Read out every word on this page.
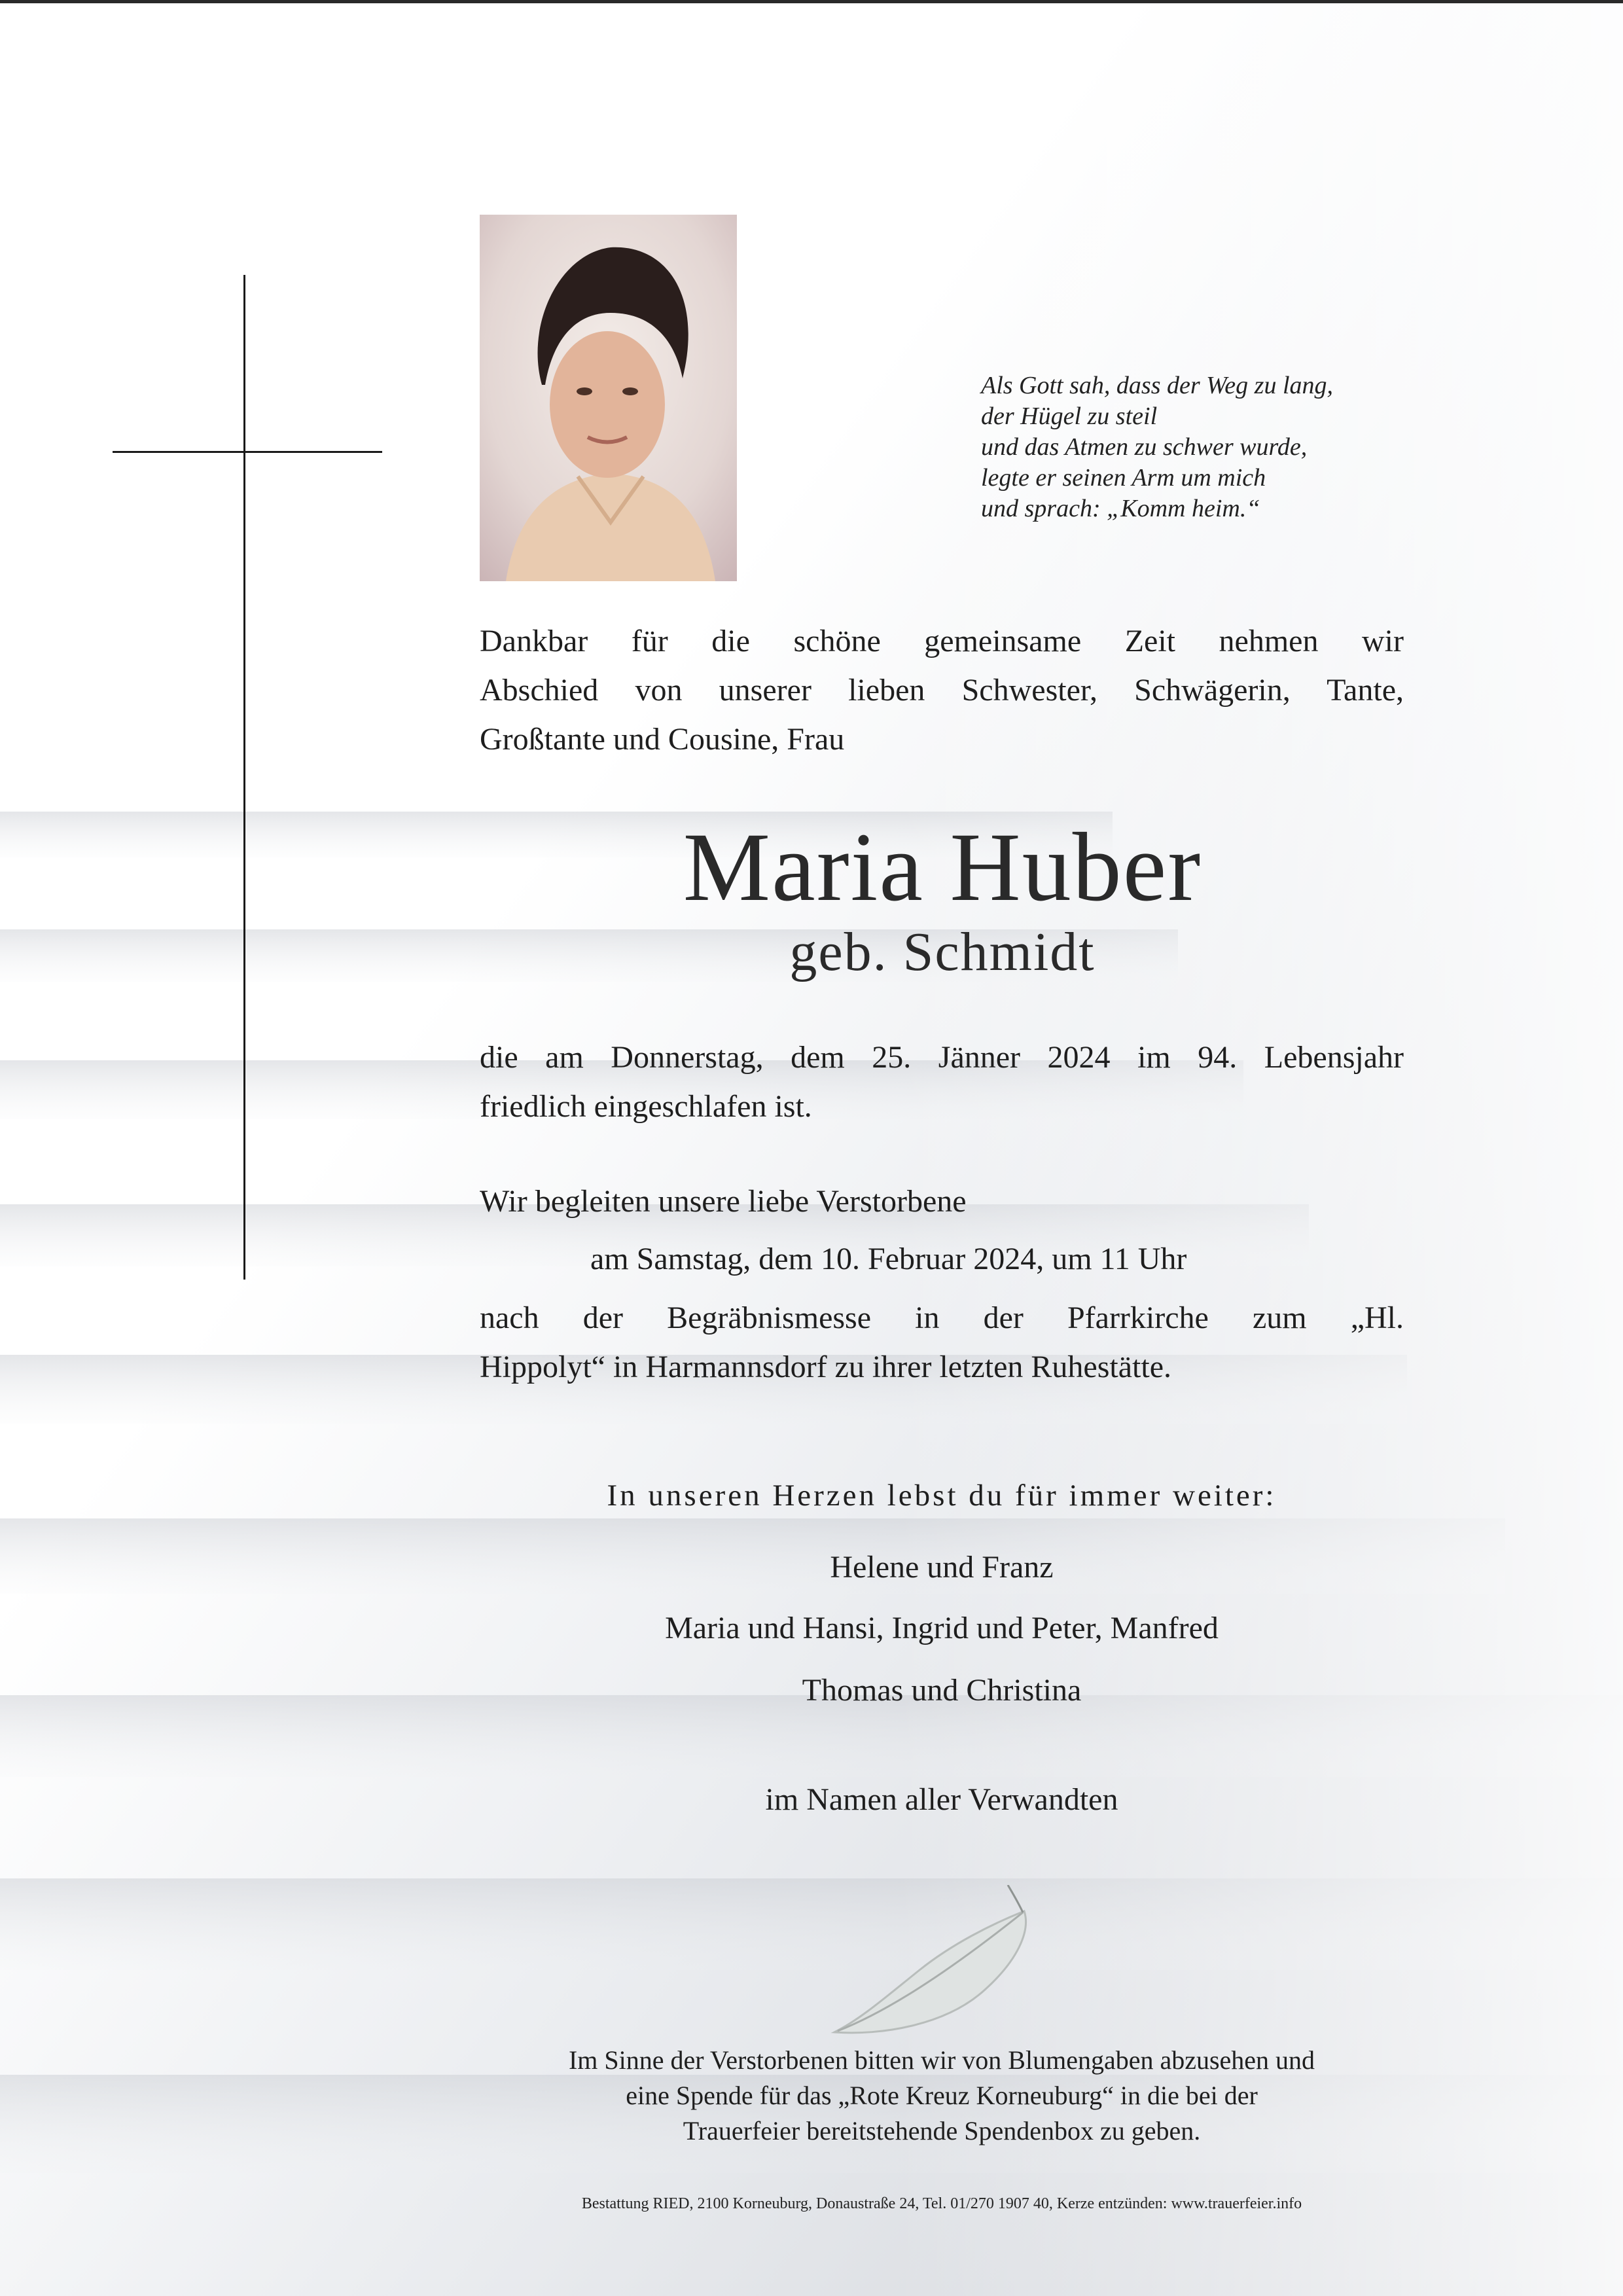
Als Gott sah, dass der Weg zu lang,
der Hügel zu steil
und das Atmen zu schwer wurde,
legte er seinen Arm um mich
und sprach: „Komm heim.“
Dankbar für die schöne gemeinsame Zeit nehmen wir
Abschied von unserer lieben Schwester, Schwägerin, Tante,
Großtante und Cousine, Frau
Maria Huber
geb. Schmidt
die am Donnerstag, dem 25. Jänner 2024 im 94. Lebensjahr
friedlich eingeschlafen ist.
Wir begleiten unsere liebe Verstorbene
am Samstag, dem 10. Februar 2024, um 11 Uhr
nach der Begräbnismesse in der Pfarrkirche zum „Hl.
Hippolyt“ in Harmannsdorf zu ihrer letzten Ruhestätte.
In unseren Herzen lebst du für immer weiter:
Helene und Franz
Maria und Hansi, Ingrid und Peter, Manfred
Thomas und Christina
im Namen aller Verwandten
Im Sinne der Verstorbenen bitten wir von Blumengaben abzusehen und
eine Spende für das „Rote Kreuz Korneuburg“ in die bei der
Trauerfeier bereitstehende Spendenbox zu geben.
Bestattung RIED, 2100 Korneuburg, Donaustraße 24, Tel. 01/270 1907 40, Kerze entzünden: www.trauerfeier.info
